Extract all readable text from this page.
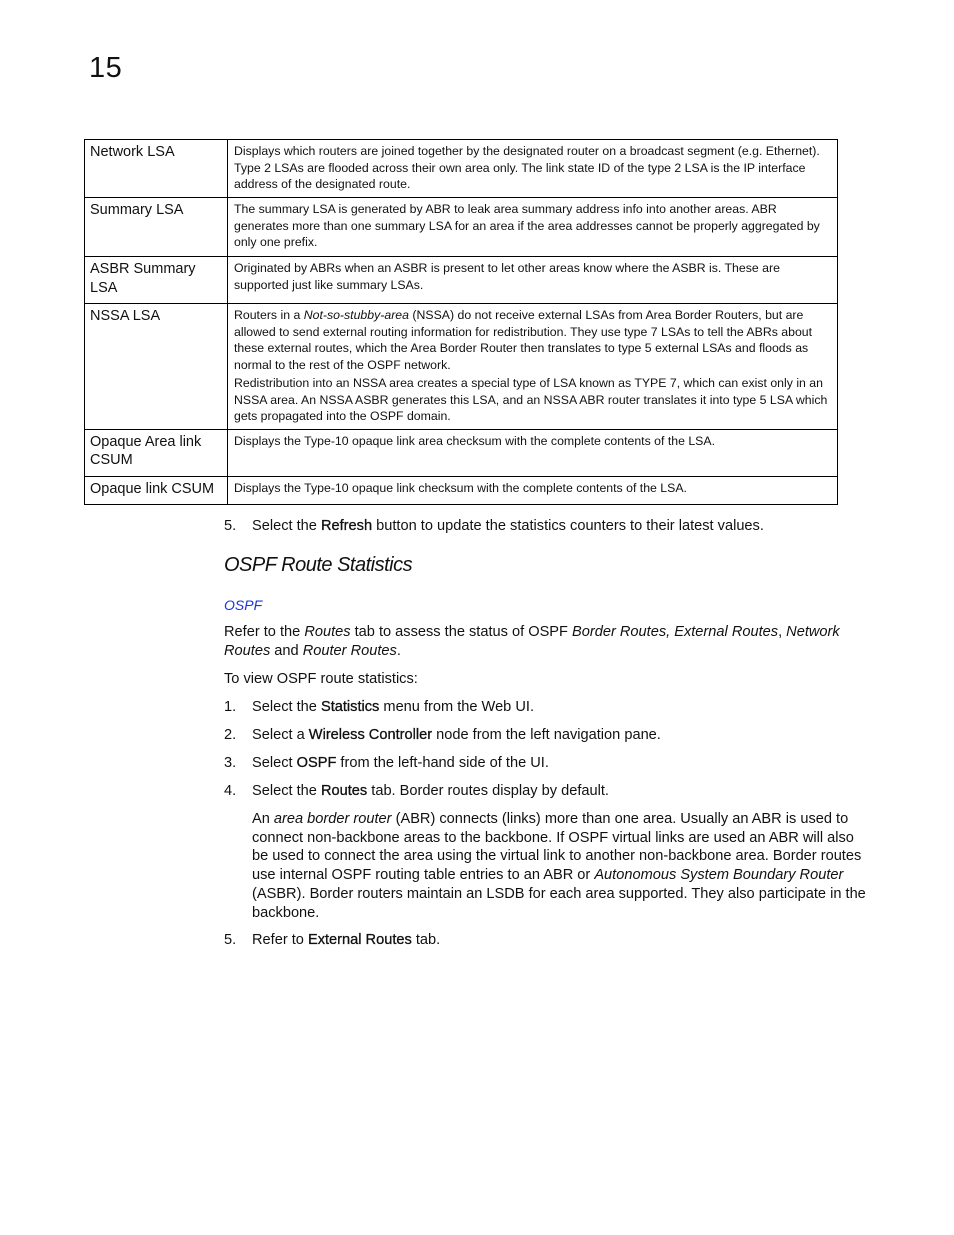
15
Network LSA	Displays which routers are joined together by the designated router on a broadcast segment (e.g. Ethernet). Type 2 LSAs are flooded across their own area only. The link state ID of the type 2 LSA is the IP interface address of the designated route.

Summary LSA	The summary LSA is generated by ABR to leak area summary address info into another areas. ABR generates more than one summary LSA for an area if the area addresses cannot be properly aggregated by only one prefix.

ASBR Summary LSA	Originated by ABRs when an ASBR is present to let other areas know where the ASBR is. These are supported just like summary LSAs.

NSSA LSA	Routers in a Not-so-stubby-area (NSSA) do not receive external LSAs from Area Border Routers, but are allowed to send external routing information for redistribution. They use type 7 LSAs to tell the ABRs about these external routes, which the Area Border Router then translates to type 5 external LSAs and floods as normal to the rest of the OSPF network.

Redistribution into an NSSA area creates a special type of LSA known as TYPE 7, which can exist only in an NSSA area. An NSSA ASBR generates this LSA, and an NSSA ABR router translates it into type 5 LSA which gets propagated into the OSPF domain.

Opaque Area link CSUM	Displays the Type-10 opaque link area checksum with the complete contents of the LSA.

Opaque link CSUM	Displays the Type-10 opaque link checksum with the complete contents of the LSA.

5. Select the Refresh button to update the statistics counters to their latest values.
OSPF Route Statistics
OSPF
Refer to the Routes tab to assess the status of OSPF Border Routes, External Routes, Network Routes and Router Routes.
To view OSPF route statistics:
1. Select the Statistics menu from the Web UI.
2. Select a Wireless Controller node from the left navigation pane.
3. Select OSPF from the left-hand side of the UI.
4. Select the Routes tab. Border routes display by default.
An area border router (ABR) connects (links) more than one area. Usually an ABR is used to connect non-backbone areas to the backbone. If OSPF virtual links are used an ABR will also be used to connect the area using the virtual link to another non-backbone area. Border routes use internal OSPF routing table entries to an ABR or Autonomous System Boundary Router (ASBR). Border routers maintain an LSDB for each area supported. They also participate in the backbone.
5. Refer to External Routes tab.
